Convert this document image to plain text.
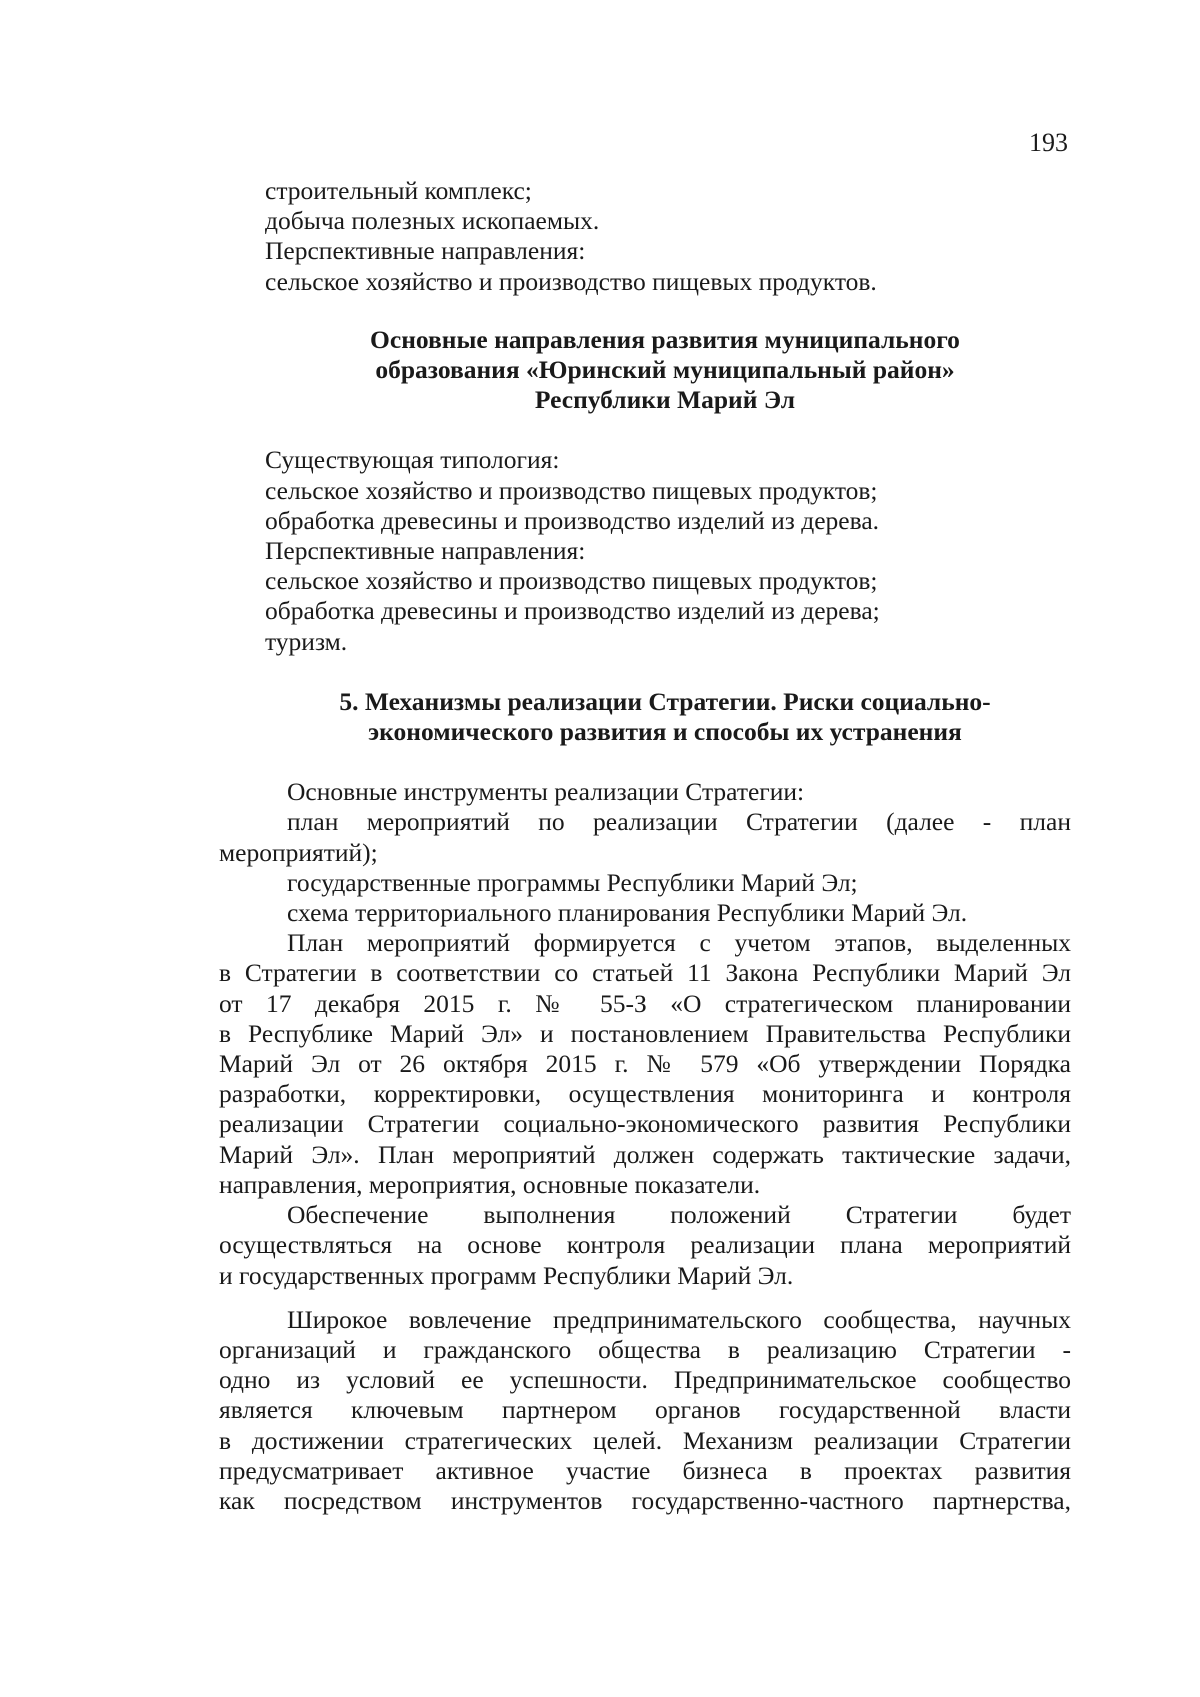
193
строительный комплекс;
добыча полезных ископаемых.
Перспективные направления:
сельское хозяйство и производство пищевых продуктов.
Основные направления развития муниципального
образования «Юринский муниципальный район»
Республики Марий Эл
Существующая типология:
сельское хозяйство и производство пищевых продуктов;
обработка древесины и производство изделий из дерева.
Перспективные направления:
сельское хозяйство и производство пищевых продуктов;
обработка древесины и производство изделий из дерева;
туризм.
5. Механизмы реализации Стратегии. Риски социально-
экономического развития и способы их устранения
Основные инструменты реализации Стратегии:
план мероприятий по реализации Стратегии (далее - план
мероприятий);
государственные программы Республики Марий Эл;
схема территориального планирования Республики Марий Эл.
План мероприятий формируется с учетом этапов, выделенных
в Стратегии в соответствии со статьей 11 Закона Республики Марий Эл
от 17 декабря 2015 г. № 55-З «О стратегическом планировании
в Республике Марий Эл» и постановлением Правительства Республики
Марий Эл от 26 октября 2015 г. № 579 «Об утверждении Порядка
разработки, корректировки, осуществления мониторинга и контроля
реализации Стратегии социально-экономического развития Республики
Марий Эл». План мероприятий должен содержать тактические задачи,
направления, мероприятия, основные показатели.
Обеспечение выполнения положений Стратегии будет
осуществляться на основе контроля реализации плана мероприятий
и государственных программ Республики Марий Эл.
Широкое вовлечение предпринимательского сообщества, научных
организаций и гражданского общества в реализацию Стратегии -
одно из условий ее успешности. Предпринимательское сообщество
является ключевым партнером органов государственной власти
в достижении стратегических целей. Механизм реализации Стратегии
предусматривает активное участие бизнеса в проектах развития
как посредством инструментов государственно-частного партнерства,
